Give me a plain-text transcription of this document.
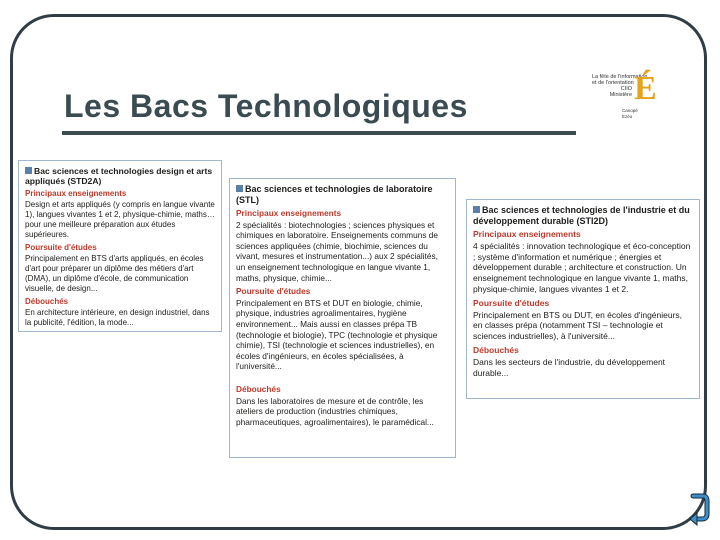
Les Bacs Technologiques
La fête de l'information
et de l'orientation
CIIO
Ministère É
Canopé
Ezéo
Bac sciences et technologies design et arts appliqués (STD2A)
Principaux enseignements
Design et arts appliqués (y compris en langue vivante 1), langues vivantes 1 et 2, physique-chimie, maths… pour une meilleure préparation aux études supérieures.
Poursuite d'études
Principalement en BTS d'arts appliqués, en écoles d'art pour préparer un diplôme des métiers d'art (DMA), un diplôme d'école, de communication visuelle, de design...
Débouchés
En architecture intérieure, en design industriel, dans la publicité, l'édition, la mode...
Bac sciences et technologies de laboratoire (STL)
Principaux enseignements
2 spécialités : biotechnologies ; sciences physiques et chimiques en laboratoire. Enseignements communs de sciences appliquées (chimie, biochimie, sciences du vivant, mesures et instrumentation...) aux 2 spécialités, un enseignement technologique en langue vivante 1, maths, physique, chimie...
Poursuite d'études
Principalement en BTS et DUT en biologie, chimie, physique, industries agroalimentaires, hygiène environnement... Mais aussi en classes prépa TB (technologie et biologie), TPC (technologie et physique chimie), TSI (technologie et sciences industrielles), en écoles d'ingénieurs, en écoles spécialisées, à l'université...
Débouchés
Dans les laboratoires de mesure et de contrôle, les ateliers de production (industries chimiques, pharmaceutiques, agroalimentaires), le paramédical...
Bac sciences et technologies de l'industrie et du développement durable (STI2D)
Principaux enseignements
4 spécialités : innovation technologique et éco-conception ; système d'information et numérique ; énergies et développement durable ; architecture et construction. Un enseignement technologique en langue vivante 1, maths, physique-chimie, langues vivantes 1 et 2.
Poursuite d'études
Principalement en BTS ou DUT, en écoles d'ingénieurs, en classes prépa (notamment TSI – technologie et sciences industrielles), à l'université...
Débouchés
Dans les secteurs de l'industrie, du développement durable...
